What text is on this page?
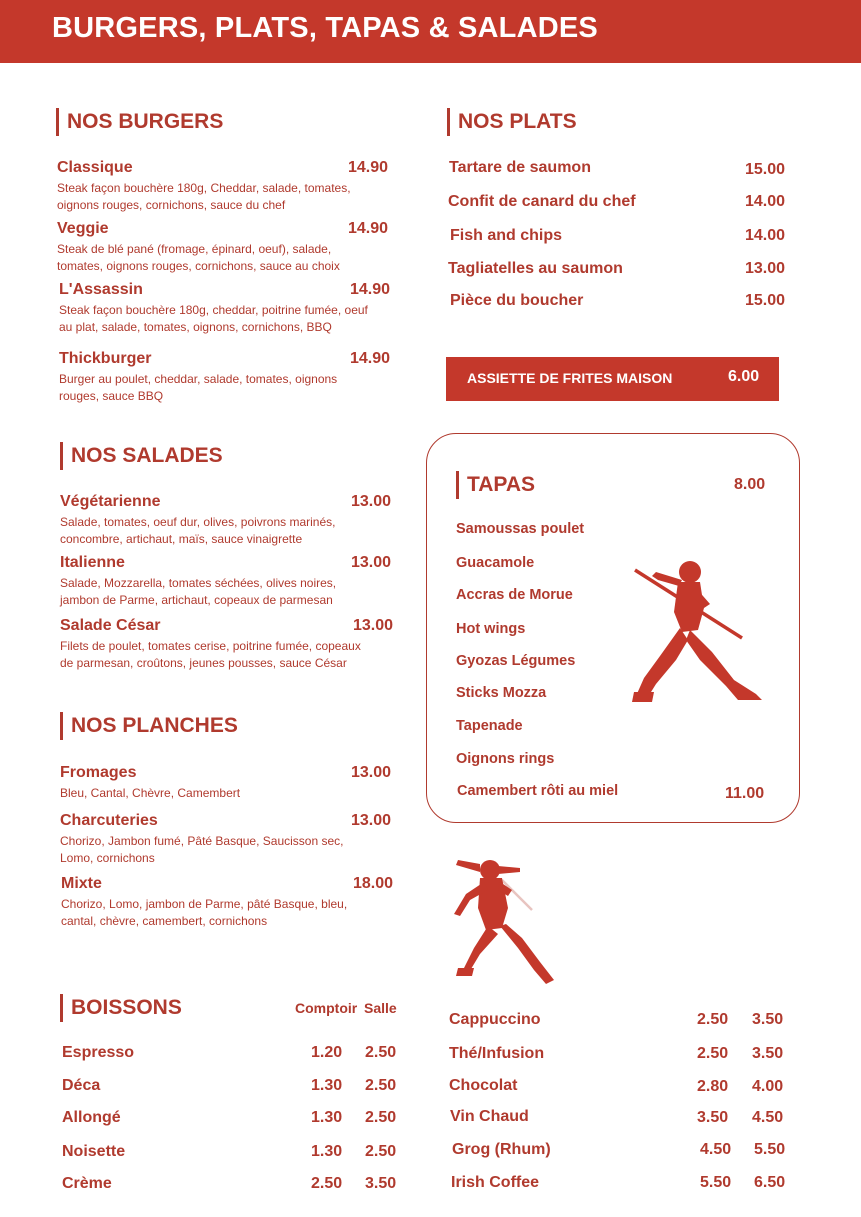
BURGERS, PLATS, TAPAS & SALADES
NOS BURGERS
Classique	14.90
Steak façon bouchère 180g, Cheddar, salade, tomates, oignons rouges, cornichons, sauce du chef
Veggie	14.90
Steak de blé pané (fromage, épinard, oeuf), salade, tomates, oignons rouges, cornichons, sauce au choix
L'Assassin	14.90
Steak façon bouchère 180g, cheddar, poitrine fumée, oeuf au plat, salade, tomates, oignons, cornichons, BBQ
Thickburger	14.90
Burger au poulet, cheddar, salade, tomates, oignons rouges, sauce BBQ
NOS PLATS
Tartare de saumon	15.00
Confit de canard du chef	14.00
Fish and chips	14.00
Tagliatelles au saumon	13.00
Pièce du boucher	15.00
ASSIETTE DE FRITES MAISON	6.00
NOS SALADES
Végétarienne	13.00
Salade, tomates, oeuf dur, olives, poivrons marinés, concombre, artichaut, maïs, sauce vinaigrette
Italienne	13.00
Salade, Mozzarella, tomates séchées, olives noires, jambon de Parme, artichaut, copeaux de parmesan
Salade César	13.00
Filets de poulet, tomates cerise, poitrine fumée, copeaux de parmesan, croûtons, jeunes pousses, sauce César
TAPAS	8.00
Samoussas poulet
Guacamole
Accras de Morue
Hot wings
Gyozas Légumes
Sticks Mozza
Tapenade
Oignons rings
Camembert rôti au miel	11.00
NOS PLANCHES
Fromages	13.00
Bleu, Cantal, Chèvre, Camembert
Charcuteries	13.00
Chorizo, Jambon fumé, Pâté Basque, Saucisson sec, Lomo, cornichons
Mixte	18.00
Chorizo, Lomo, jambon de Parme, pâté Basque, bleu, cantal, chèvre, camembert, cornichons
BOISSONS	Comptoir Salle
Espresso	1.20 2.50
Déca	1.30 2.50
Allongé	1.30 2.50
Noisette	1.30 2.50
Crème	2.50 3.50
Cappuccino	2.50 3.50
Thé/Infusion	2.50 3.50
Chocolat	2.80 4.00
Vin Chaud	3.50 4.50
Grog (Rhum)	4.50 5.50
Irish Coffee	5.50 6.50
